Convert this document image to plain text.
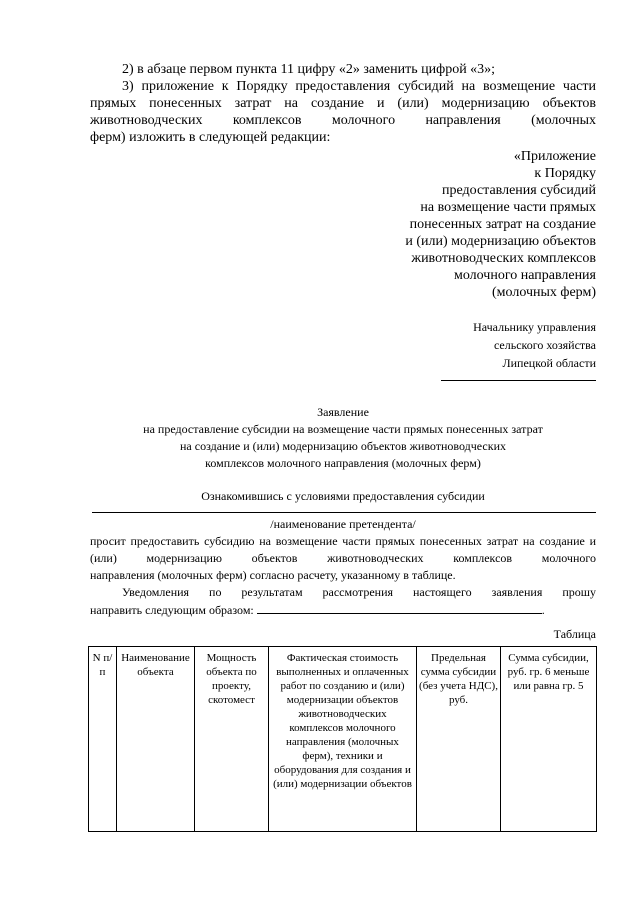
2) в абзаце первом пункта 11 цифру «2» заменить цифрой «3»;

3) приложение к Порядку предоставления субсидий на возмещение части прямых понесенных затрат на создание и (или) модернизацию объектов животноводческих комплексов молочного направления (молочных

ферм) изложить в следующей редакции:

«Приложение

к Порядку

предоставления субсидий

на возмещение части прямых

понесенных затрат на создание

и (или) модернизацию объектов

животноводческих комплексов

молочного направления

(молочных ферм)

Начальнику управления

сельского хозяйства

Липецкой области

Заявление

на предоставление субсидии на возмещение части прямых понесенных затрат

на создание и (или) модернизацию объектов животноводческих

комплексов молочного направления (молочных ферм)

Ознакомившись с условиями предоставления субсидии

/наименование претендента/

просит предоставить субсидию на возмещение части прямых понесенных затрат на создание и (или) модернизацию объектов животноводческих комплексов молочного

направления (молочных ферм) согласно расчету, указанному в таблице.

Уведомления по результатам рассмотрения настоящего заявления прошу

направить следующим образом:	.

Таблица

N п/п	Наименование объекта	Мощность объекта по проекту, скотомест	Фактическая стоимость выполненных и оплаченных работ по созданию и (или) модернизации объектов животноводческих комплексов молочного направления (молочных ферм), техники и оборудования для создания и (или) модернизации объектов	Предельная сумма субсидии (без учета НДС), руб.	Сумма субсидии, руб. гр. 6 меньше или равна гр. 5
